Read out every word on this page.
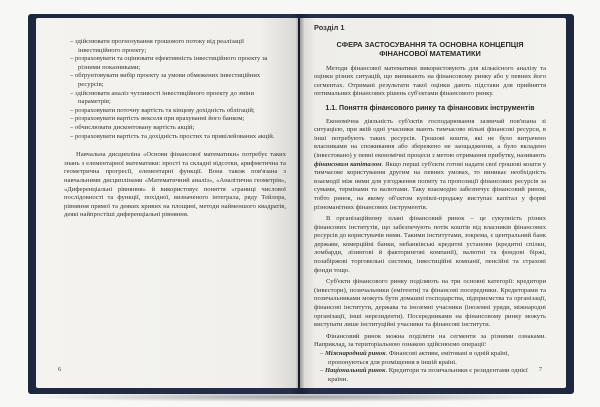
– здійснювати прогнозування грошового потоку від реалізації інвестиційного проекту;

– розраховувати та оцінювати ефективність інвестиційного проекту за різними показниками;

– обґрунтовувати вибір проекту за умови обмежених інвестиційних ресурсів;

– здійснювати аналіз чутливості інвестиційного проекту до зміни параметрів;

– розраховувати поточну вартість та кінцеву дохідність облігацій;

– розраховувати вартість векселя при врахуванні його банком;

– обчислювати дисконтовану вартість акцій;

– розраховувати вартість та дохідність простих та привілейованих акцій.

Навчальна дисципліна «Основи фінансової математики» потребує таких знань з елементарної математики: прості та складні відсотки, арифметична та геометрична прогресії, елементарні функції. Вона також пов'язана з навчальними дисциплінами «Математичний аналіз», «Аналітична геометрія», «Диференціальні рівняння» й використовує поняття «границі числової послідовності та функції, похідної, визначеного інтеграла, ряду Тейлора, рівняння прямої та деяких кривих на площині, методи найменшого квадратів, деякі найпростіші диференціальні рівняння.

6
Розділ 1
СФЕРА ЗАСТОСУВАННЯ ТА ОСНОВНА КОНЦЕПЦІЯ ФІНАНСОВОЇ МАТЕМАТИКИ

Методи фінансової математики використовують для кількісного аналізу та оцінки різних ситуацій, що виникають на фінансовому ринку або у певних його сегментах. Отримані результати такої оцінки дають підстави для прийняття оптимальних фінансових рішень суб'єктами фінансового ринку.

1.1. Поняття фінансового ринку та фінансових інструментів

Економічна діяльність суб'єктів господарювання зазвичай пов'язана зі ситуацією, при якій одні учасники мають тимчасово вільні фінансові ресурси, в інші потребують таких ресурсів. Грошові кошти, які не було витрачено власниками на споживання або збережено не заощадження, а було вкладено (інвестовано) у певні економічні процеси з метою отримання прибутку, називають фінансовим капіталом. Якщо перші суб'єкти готові надати свої грошові кошти у тимчасове користування другим на певних умовах, то виникає необхідність взаємодії між ними для узгодження попиту та пропозиції фінансових ресурсів за сумами, термінами та валютами. Таку взаємодію забезпечує фінансовий ринок, тобто ринок, на якому об'єктом купівлі-продажу виступає капітал у формі різноманітних фінансових інструментів.

В організаційному плані фінансовий ринок – це сукупність різних фінансових інститутів, що забезпечують потік коштів від власників фінансових ресурсів до користувачів ними. Такими інститутами, зокрема, є центральний банк держави, комерційні банки, небанківські кредитні установи (кредитні спілки, ломбарди, лізингові й факторингові компанії), валютні та фондові біржі, позабіржові торговельні системи, інвестиційні компанії, пенсійні та страхові фонди тощо.

Суб'єкти фінансового ринку поділяють на три основні категорії: кредитори (інвестори), позичальники (емітенти) та фінансові посередники. Кредиторами та позичальниками можуть бути домашні господарства, підприємства та організації, фінансові інститути, держава та іноземні учасники (іноземні уряди, міжнародні організації, інші нерезиденти). Посередниками на фінансовому ринку можуть виступати лише інституційні учасники та фінансові інститути.

Фінансовий ринок можна поділити на сегменти за різними ознаками. Наприклад, за територіальною ознакою здійснюємо операції:

– Міжнародний ринок. Фінансові активи, емітовані в одній країні, пропонуються для розміщення в іншій країні.

– Національний ринок. Кредитори та позичальники є резидентами однієї країни.

7
